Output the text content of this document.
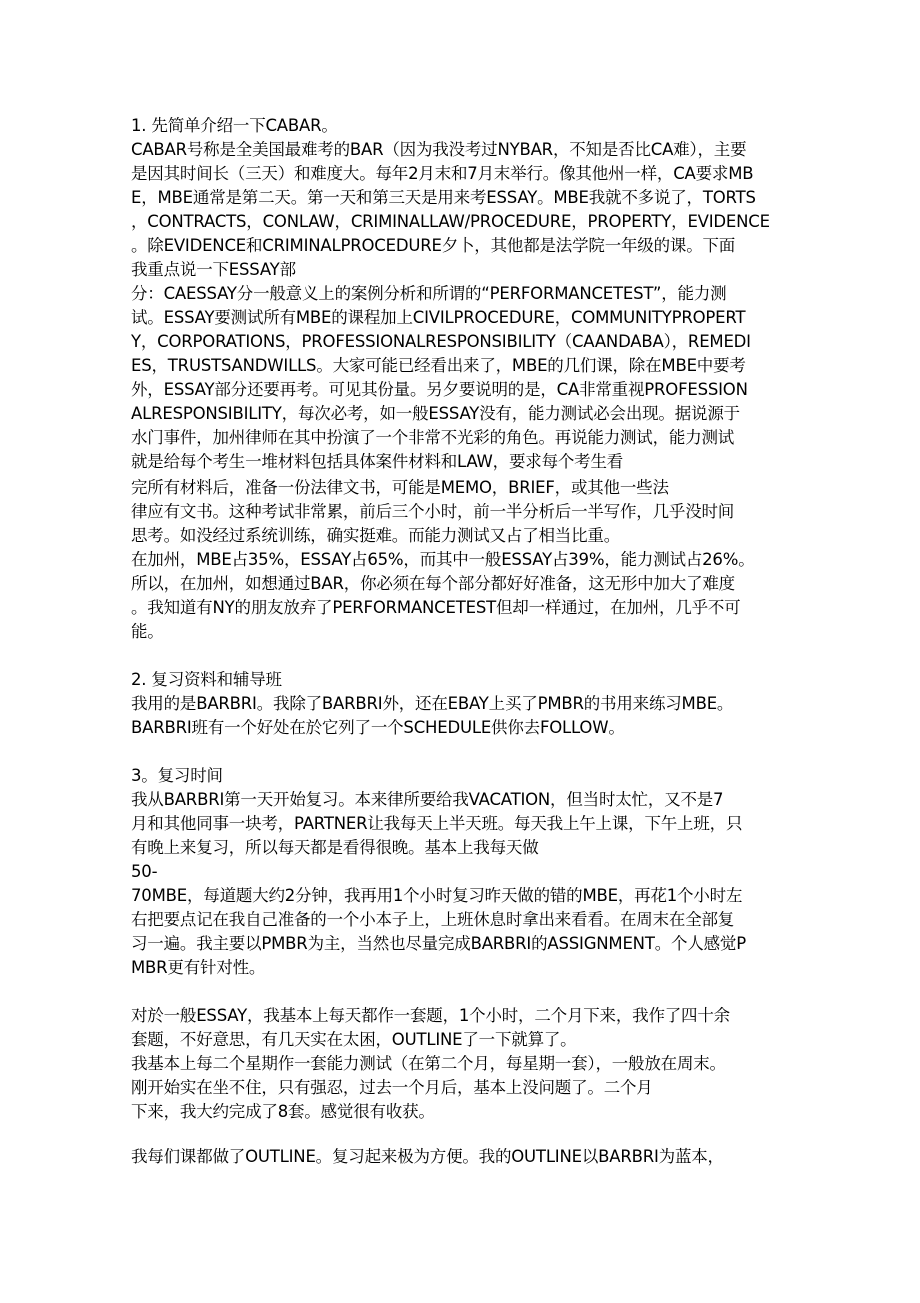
1. 先简单介绍一下CABAR。
CABAR号称是全美国最难考的BAR（因为我没考过NYBAR，不知是否比CA难），主要
是因其时间长（三天）和难度大。每年2月末和7月末举行。像其他州一样，CA要求MB
E，MBE通常是第二天。第一天和第三天是用来考ESSAY。MBE我就不多说了，TORTS
，CONTRACTS，CONLAW，CRIMINALLAW/PROCEDURE，PROPERTY，EVIDENCE
。除EVIDENCE和CRIMINALPROCEDURE夕卜，其他都是法学院一年级的课。下面
我重点说一下ESSAY部
分：CAESSAY分一般意义上的案例分析和所谓的“PERFORMANCETEST”，能力测
试。ESSAY要测试所有MBE的课程加上CIVILPROCEDURE，COMMUNITYPROPERT
Y，CORPORATIONS，PROFESSIONALRESPONSIBILITY（CAANDABA），REMEDI
ES，TRUSTSANDWILLS。大家可能已经看出来了，MBE的几们课，除在MBE中要考
外，ESSAY部分还要再考。可见其份量。另夕要说明的是，CA非常重视PROFESSION
ALRESPONSIBILITY，每次必考，如一般ESSAY没有，能力测试必会出现。据说源于
水门事件，加州律师在其中扮演了一个非常不光彩的角色。再说能力测试，能力测试
就是给每个考生一堆材料包括具体案件材料和LAW，要求每个考生看
完所有材料后，准备一份法律文书，可能是MEMO，BRIEF，或其他一些法
律应有文书。这种考试非常累，前后三个小时，前一半分析后一半写作，几乎没时间
思考。如没经过系统训练，确实挺难。而能力测试又占了相当比重。
在加州，MBE占35%，ESSAY占65%，而其中一般ESSAY占39%，能力测试占26%。
所以，在加州，如想通过BAR，你必须在每个部分都好好准备，这无形中加大了难度
。我知道有NY的朋友放弃了PERFORMANCETEST但却一样通过，在加州，几乎不可
能。
2. 复习资料和辅导班
我用的是BARBRI。我除了BARBRI外，还在EBAY上买了PMBR的书用来练习MBE。
BARBRI班有一个好处在於它列了一个SCHEDULE供你去FOLLOW。
3。复习时间
我从BARBRI第一天开始复习。本来律所要给我VACATION，但当时太忙，又不是7
月和其他同事一块考，PARTNER让我每天上半天班。每天我上午上课，下午上班，只
有晚上来复习，所以每天都是看得很晚。基本上我每天做
50-
70MBE，每道题大约2分钟，我再用1个小时复习昨天做的错的MBE，再花1个小时左
右把要点记在我自己准备的一个小本子上，上班休息时拿出来看看。在周末在全部复
习一遍。我主要以PMBR为主，当然也尽量完成BARBRI的ASSIGNMENT。个人感觉P
MBR更有针对性。
对於一般ESSAY，我基本上每天都作一套题，1个小时，二个月下来，我作了四十余
套题，不好意思，有几天实在太困，OUTLINE了一下就算了。
我基本上每二个星期作一套能力测试（在第二个月，每星期一套），一般放在周末。
刚开始实在坐不住，只有强忍，过去一个月后，基本上没问题了。二个月
下来，我大约完成了8套。感觉很有收获。
我每们课都做了OUTLINE。复习起来极为方便。我的OUTLINE以BARBRI为蓝本，
